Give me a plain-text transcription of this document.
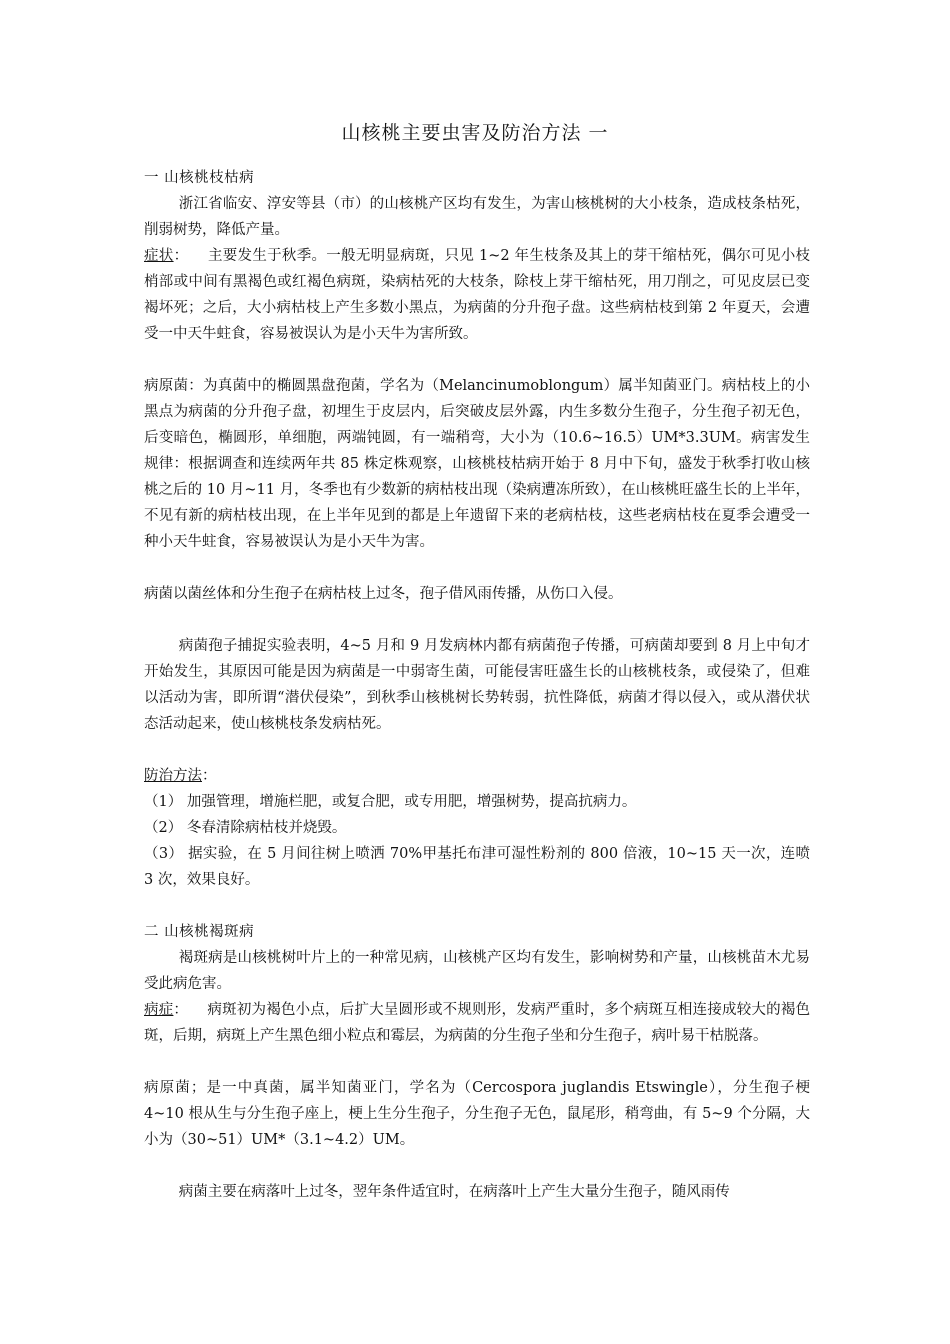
山核桃主要虫害及防治方法 一

一 山核桃枝枯病

浙江省临安、淳安等县（市）的山核桃产区均有发生，为害山核桃树的大小枝条，造成枝条枯死，削弱树势，降低产量。

症状： 主要发生于秋季。一般无明显病斑，只见 1~2 年生枝条及其上的芽干缩枯死，偶尔可见小枝梢部或中间有黑褐色或红褐色病斑，染病枯死的大枝条，除枝上芽干缩枯死，用刀削之，可见皮层已变褐坏死；之后，大小病枯枝上产生多数小黑点，为病菌的分升孢子盘。这些病枯枝到第 2 年夏天，会遭受一中天牛蛀食，容易被误认为是小天牛为害所致。

病原菌：为真菌中的椭圆黑盘孢菌，学名为（Melancinumoblongum）属半知菌亚门。病枯枝上的小黑点为病菌的分升孢子盘，初埋生于皮层内，后突破皮层外露，内生多数分生孢子，分生孢子初无色，后变暗色，椭圆形，单细胞，两端钝圆，有一端稍弯，大小为（10.6~16.5）UM*3.3UM。病害发生规律：根据调查和连续两年共 85 株定株观察，山核桃枝枯病开始于 8 月中下旬，盛发于秋季打收山核桃之后的 10 月~11 月，冬季也有少数新的病枯枝出现（染病遭冻所致），在山核桃旺盛生长的上半年，不见有新的病枯枝出现，在上半年见到的都是上年遗留下来的老病枯枝，这些老病枯枝在夏季会遭受一种小天牛蛀食，容易被误认为是小天牛为害。

病菌以菌丝体和分生孢子在病枯枝上过冬，孢子借风雨传播，从伤口入侵。

病菌孢子捕捉实验表明，4~5 月和 9 月发病林内都有病菌孢子传播，可病菌却要到 8 月上中旬才开始发生，其原因可能是因为病菌是一中弱寄生菌，可能侵害旺盛生长的山核桃枝条，或侵染了，但难以活动为害，即所谓“潜伏侵染”，到秋季山核桃树长势转弱，抗性降低，病菌才得以侵入，或从潜伏状态活动起来，使山核桃枝条发病枯死。

防治方法：

（1） 加强管理，增施栏肥，或复合肥，或专用肥，增强树势，提高抗病力。

（2） 冬春清除病枯枝并烧毁。

（3） 据实验，在 5 月间往树上喷洒 70%甲基托布津可湿性粉剂的 800 倍液，10~15 天一次，连喷 3 次，效果良好。

二 山核桃褐斑病

褐斑病是山核桃树叶片上的一种常见病，山核桃产区均有发生，影响树势和产量，山核桃苗木尤易受此病危害。

病症： 病斑初为褐色小点，后扩大呈圆形或不规则形，发病严重时，多个病斑互相连接成较大的褐色斑，后期，病斑上产生黑色细小粒点和霉层，为病菌的分生孢子坐和分生孢子，病叶易干枯脱落。

病原菌；是一中真菌，属半知菌亚门，学名为（Cercospora juglandis Etswingle），分生孢子梗 4~10 根从生与分生孢子座上，梗上生分生孢子，分生孢子无色，鼠尾形，稍弯曲，有 5~9 个分隔，大小为（30~51）UM*（3.1~4.2）UM。

病菌主要在病落叶上过冬，翌年条件适宜时，在病落叶上产生大量分生孢子，随风雨传
